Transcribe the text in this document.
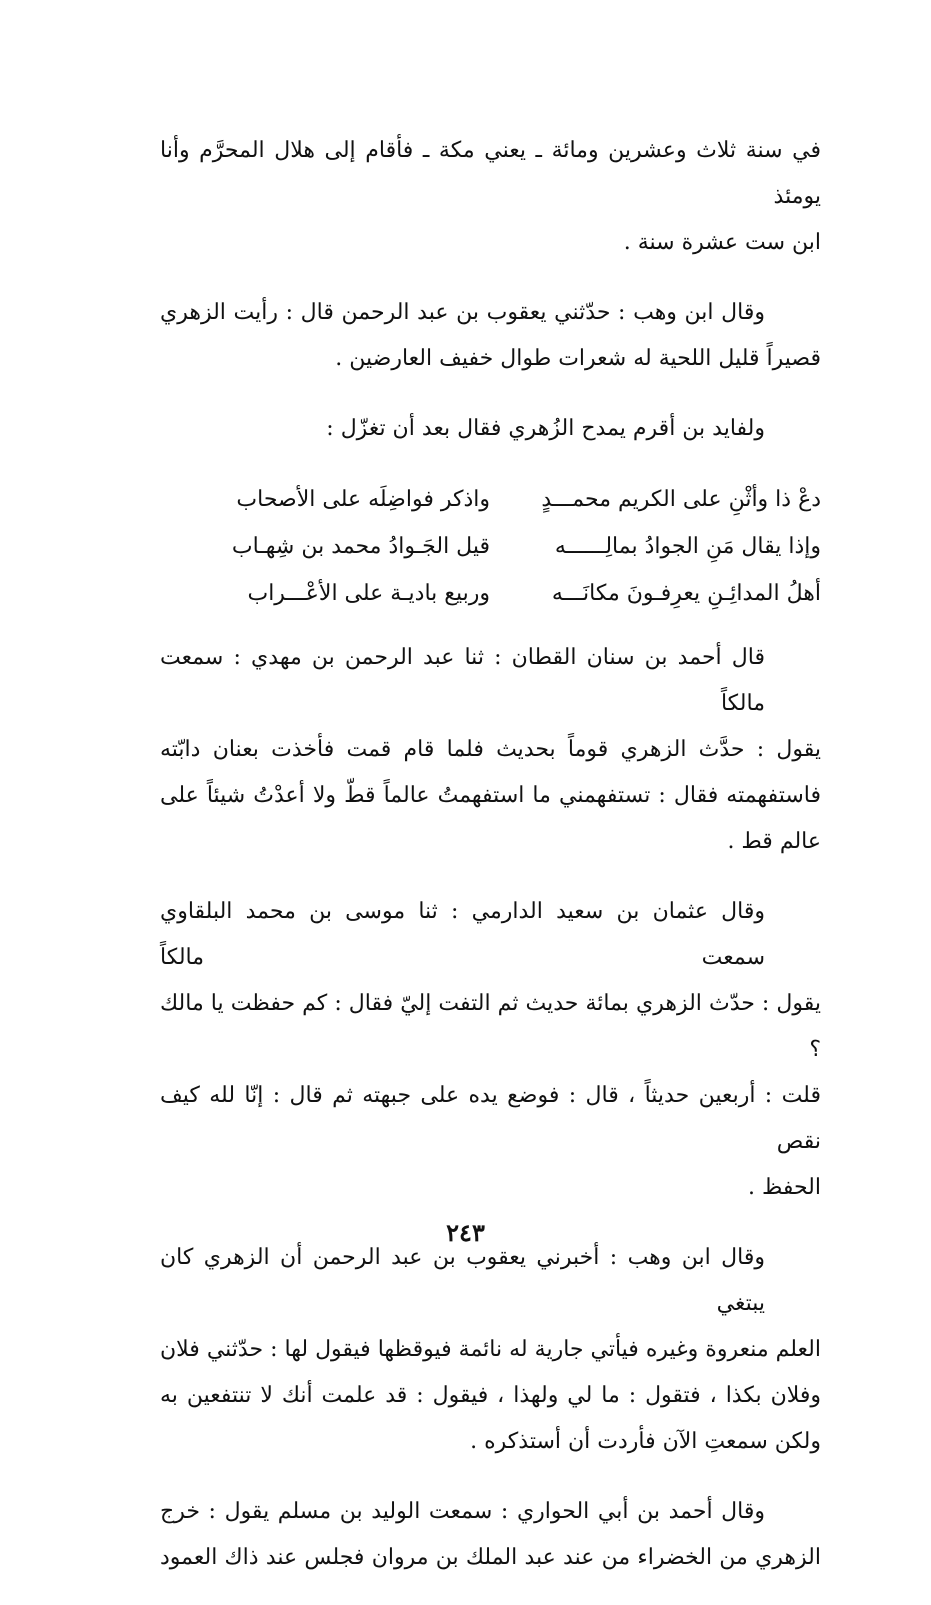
في سنة ثلاث وعشرين ومائة ـ يعني مكة ـ فأقام إلى هلال المحرَّم وأنا يومئذ
ابن ست عشرة سنة .

وقال ابن وهب : حدّثني يعقوب بن عبد الرحمن قال : رأيت الزهري
قصيراً قليل اللحية له شعرات طوال خفيف العارضين .

ولفايد بن أقرم يمدح الزُهري فقال بعد أن تغزّل :

دعْ ذا وأثْنِ على الكريم محمـــدٍ
واذكر فواضِلَه على الأصحاب
وإذا يقال مَنِ الجوادُ بمالِــــــه
قيل الجَـوادُ محمد بن شِهـاب
أهلُ المدائِـنِ يعرِفـونَ مكانَـــه
وربيع باديـة على الأعْـــراب

قال أحمد بن سنان القطان : ثنا عبد الرحمن بن مهدي : سمعت مالكاً
يقول : حدَّث الزهري قوماً بحديث فلما قام قمت فأخذت بعنان دابّته
فاستفهمته فقال : تستفهمني ما استفهمتُ عالماً قطّ ولا أعدْتُ شيئاً على عالم قط .

وقال عثمان بن سعيد الدارمي : ثنا موسى بن محمد البلقاوي سمعت مالكاً
يقول : حدّث الزهري بمائة حديث ثم التفت إليّ فقال : كم حفظت يا مالك ؟
قلت : أربعين حديثاً ، قال : فوضع يده على جبهته ثم قال : إنّا لله كيف نقص
الحفظ .

وقال ابن وهب : أخبرني يعقوب بن عبد الرحمن أن الزهري كان يبتغي
العلم منعروة وغيره فيأتي جارية له نائمة فيوقظها فيقول لها : حدّثني فلان
وفلان بكذا ، فتقول : ما لي ولهذا ، فيقول : قد علمت أنك لا تنتفعين به
ولكن سمعتِ الآن فأردت أن أستذكره .

وقال أحمد بن أبي الحواري : سمعت الوليد بن مسلم يقول : خرج
الزهري من الخضراء من عند عبد الملك بن مروان فجلس عند ذاك العمود

٢٤٣
